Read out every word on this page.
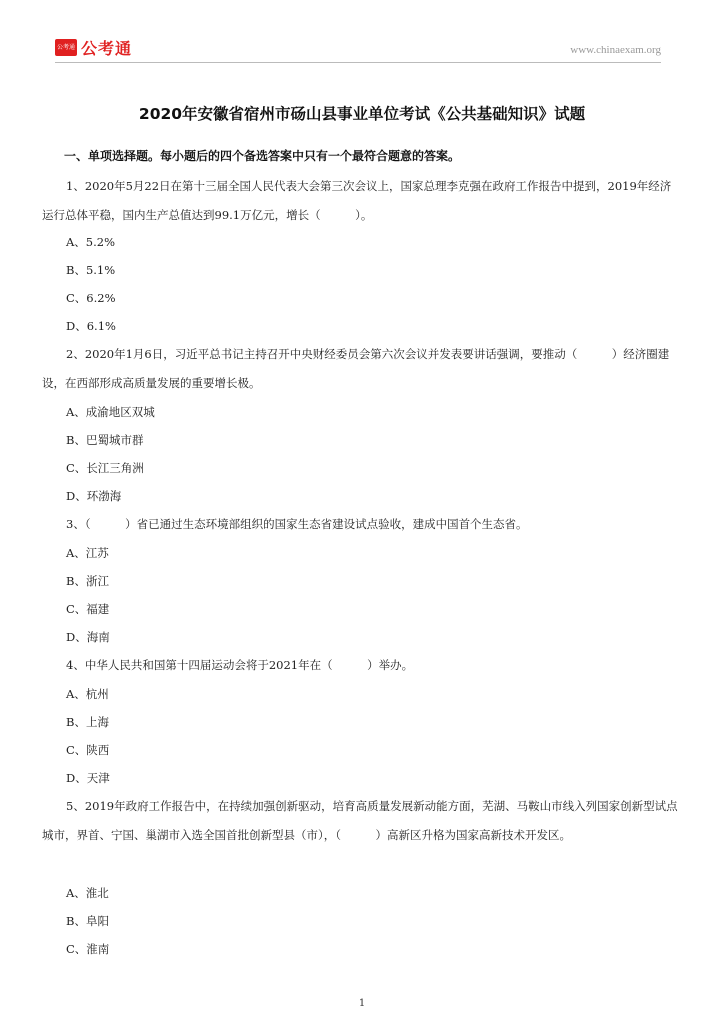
公考通 公考通	www.chinaexam.org
2020年安徽省宿州市砀山县事业单位考试《公共基础知识》试题
一、单项选择题。每小题后的四个备选答案中只有一个最符合题意的答案。
1、2020年5月22日在第十三届全国人民代表大会第三次会议上，国家总理李克强在政府工作报告中提到，2019年经济运行总体平稳，国内生产总值达到99.1万亿元，增长（　　　）。
A、5.2%
B、5.1%
C、6.2%
D、6.1%
2、2020年1月6日，习近平总书记主持召开中央财经委员会第六次会议并发表要讲话强调，要推动（　　　）经济圈建设，在西部形成高质量发展的重要增长极。
A、成渝地区双城
B、巴蜀城市群
C、长江三角洲
D、环渤海
3、（　　　）省已通过生态环境部组织的国家生态省建设试点验收，建成中国首个生态省。
A、江苏
B、浙江
C、福建
D、海南
4、中华人民共和国第十四届运动会将于2021年在（　　　）举办。
A、杭州
B、上海
C、陕西
D、天津
5、2019年政府工作报告中，在持续加强创新驱动，培育高质量发展新动能方面，芜湖、马鞍山市线入列国家创新型试点城市，界首、宁国、巢湖市入选全国首批创新型县（市），（　　　）高新区升格为国家高新技术开发区。
A、淮北
B、阜阳
C、淮南
1
